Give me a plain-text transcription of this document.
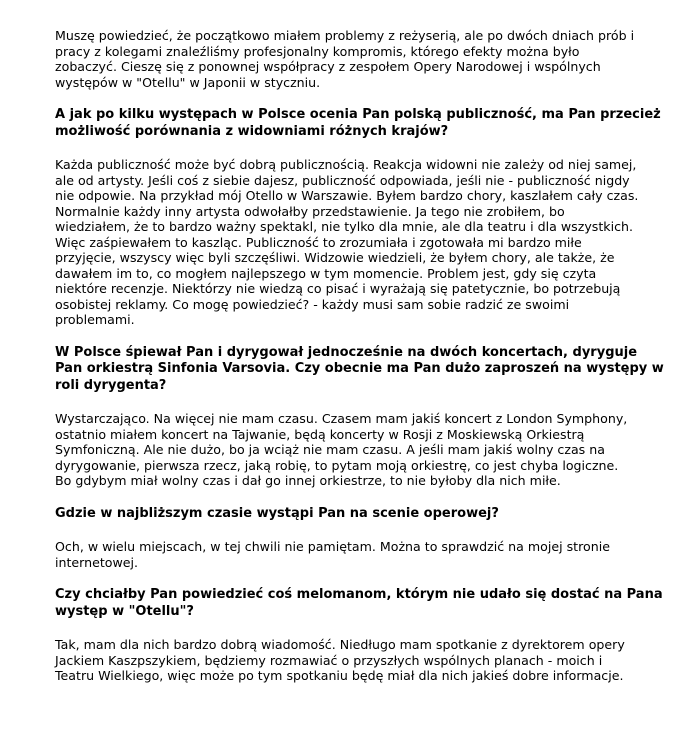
Muszę powiedzieć, że początkowo miałem problemy z reżyserią, ale po dwóch dniach prób i
pracy z kolegami znaleźliśmy profesjonalny kompromis, którego efekty można było
zobaczyć. Cieszę się z ponownej współpracy z zespołem Opery Narodowej i wspólnych
występów w "Otellu" w Japonii w styczniu.

A jak po kilku występach w Polsce ocenia Pan polską publiczność, ma Pan przecież
możliwość porównania z widowniami różnych krajów?

Każda publiczność może być dobrą publicznością. Reakcja widowni nie zależy od niej samej,
ale od artysty. Jeśli coś z siebie dajesz, publiczność odpowiada, jeśli nie - publiczność nigdy
nie odpowie. Na przykład mój Otello w Warszawie. Byłem bardzo chory, kaszlałem cały czas.
Normalnie każdy inny artysta odwołałby przedstawienie. Ja tego nie zrobiłem, bo
wiedziałem, że to bardzo ważny spektakl, nie tylko dla mnie, ale dla teatru i dla wszystkich.
Więc zaśpiewałem to kaszląc. Publiczność to zrozumiała i zgotowała mi bardzo miłe
przyjęcie, wszyscy więc byli szczęśliwi. Widzowie wiedzieli, że byłem chory, ale także, że
dawałem im to, co mogłem najlepszego w tym momencie. Problem jest, gdy się czyta
niektóre recenzje. Niektórzy nie wiedzą co pisać i wyrażają się patetycznie, bo potrzebują
osobistej reklamy. Co mogę powiedzieć? - każdy musi sam sobie radzić ze swoimi
problemami.

W Polsce śpiewał Pan i dyrygował jednocześnie na dwóch koncertach, dyryguje
Pan orkiestrą Sinfonia Varsovia. Czy obecnie ma Pan dużo zaproszeń na występy w
roli dyrygenta?

Wystarczająco. Na więcej nie mam czasu. Czasem mam jakiś koncert z London Symphony,
ostatnio miałem koncert na Tajwanie, będą koncerty w Rosji z Moskiewską Orkiestrą
Symfoniczną. Ale nie dużo, bo ja wciąż nie mam czasu. A jeśli mam jakiś wolny czas na
dyrygowanie, pierwsza rzecz, jaką robię, to pytam moją orkiestrę, co jest chyba logiczne.
Bo gdybym miał wolny czas i dał go innej orkiestrze, to nie byłoby dla nich miłe.

Gdzie w najbliższym czasie wystąpi Pan na scenie operowej?

Och, w wielu miejscach, w tej chwili nie pamiętam. Można to sprawdzić na mojej stronie
internetowej.

Czy chciałby Pan powiedzieć coś melomanom, którym nie udało się dostać na Pana
występ w "Otellu"?

Tak, mam dla nich bardzo dobrą wiadomość. Niedługo mam spotkanie z dyrektorem opery
Jackiem Kaszpszykiem, będziemy rozmawiać o przyszłych wspólnych planach - moich i
Teatru Wielkiego, więc może po tym spotkaniu będę miał dla nich jakieś dobre informacje.
